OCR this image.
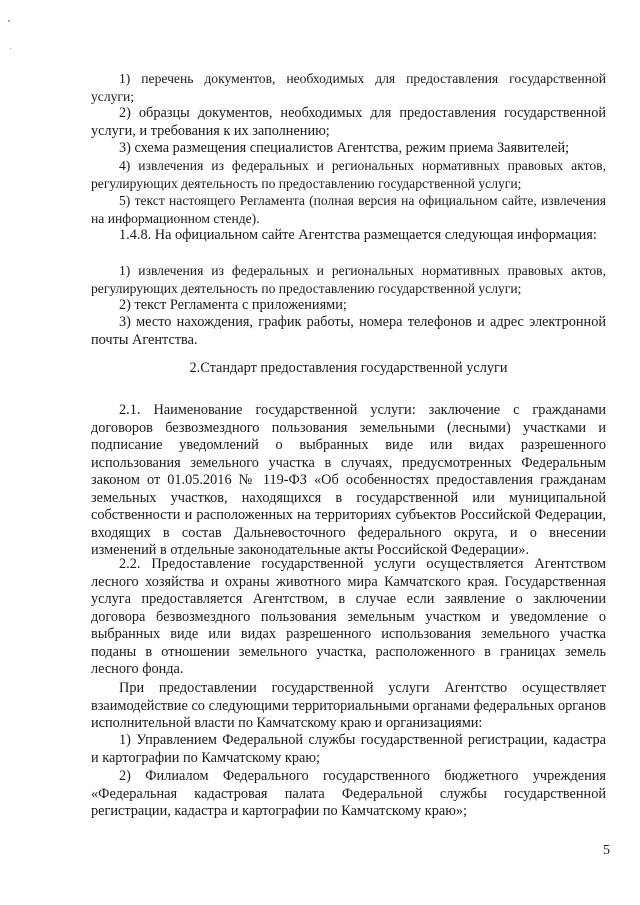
1) перечень документов, необходимых для предоставления государственной услуги;

2) образцы документов, необходимых для предоставления государственной услуги, и требования к их заполнению;

3) схема размещения специалистов Агентства, режим приема Заявителей;

4) извлечения из федеральных и региональных нормативных правовых актов, регулирующих деятельность по предоставлению государственной услуги;

5) текст настоящего Регламента (полная версия на официальном сайте, извлечения на информационном стенде).

1.4.8. На официальном сайте Агентства размещается следующая информация:

1) извлечения из федеральных и региональных нормативных правовых актов, регулирующих деятельность по предоставлению государственной услуги;

2) текст Регламента с приложениями;

3) место нахождения, график работы, номера телефонов и адрес электронной почты Агентства.

2.Стандарт предоставления государственной услуги

2.1. Наименование государственной услуги: заключение с гражданами договоров безвозмездного пользования земельными (лесными) участками и подписание уведомлений о выбранных виде или видах разрешенного использования земельного участка в случаях, предусмотренных Федеральным законом от 01.05.2016 № 119-ФЗ «Об особенностях предоставления гражданам земельных участков, находящихся в государственной или муниципальной собственности и расположенных на территориях субъектов Российской Федерации, входящих в состав Дальневосточного федерального округа, и о внесении изменений в отдельные законодательные акты Российской Федерации».

2.2. Предоставление государственной услуги осуществляется Агентством лесного хозяйства и охраны животного мира Камчатского края. Государственная услуга предоставляется Агентством, в случае если заявление о заключении договора безвозмездного пользования земельным участком и уведомление о выбранных виде или видах разрешенного использования земельного участка поданы в отношении земельного участка, расположенного в границах земель лесного фонда.

При предоставлении государственной услуги Агентство осуществляет взаимодействие со следующими территориальными органами федеральных органов исполнительной власти по Камчатскому краю и организациями:

1) Управлением Федеральной службы государственной регистрации, кадастра и картографии по Камчатскому краю;

2) Филиалом Федерального государственного бюджетного учреждения «Федеральная кадастровая палата Федеральной службы государственной регистрации, кадастра и картографии по Камчатскому краю»;

5
